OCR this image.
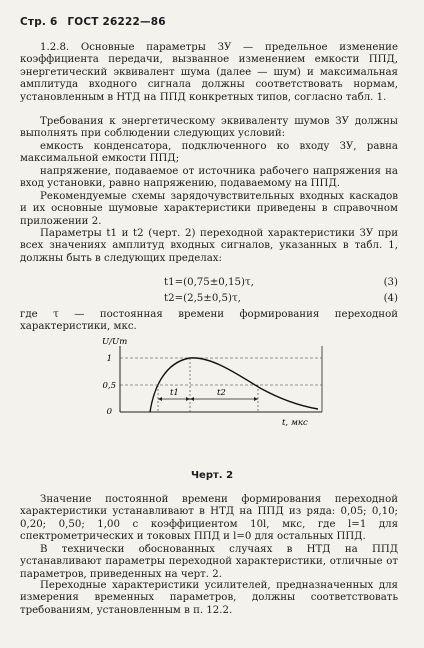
Стр. 6 ГОСТ 26222—86

1.2.8. Основные параметры ЗУ — предельное изменение коэффициента передачи, вызванное изменением емкости ППД, энергетический эквивалент шума (далее — шум) и максимальная амплитуда входного сигнала должны соответствовать нормам, установленным в НТД на ППД конкретных типов, согласно табл. 1.

Требования к энергетическому эквиваленту шумов ЗУ должны выполнять при соблюдении следующих условий:

емкость конденсатора, подключенного ко входу ЗУ, равна максимальной емкости ППД;

напряжение, подаваемое от источника рабочего напряжения на вход установки, равно напряжению, подаваемому на ППД.

Рекомендуемые схемы зарядочувствительных входных каскадов и их основные шумовые характеристики приведены в справочном приложении 2.

Параметры t1 и t2 (черт. 2) переходной характеристики ЗУ при всех значениях амплитуд входных сигналов, указанных в табл. 1, должны быть в следующих пределах:

t1=(0,75±0,15)τ,	(3)
t2=(2,5±0,5)τ,	(4)

где τ — постоянная времени формирования переходной характеристики, мкс.

U/Um
1
0,5
0
t1	t2
t, мкс
Черт. 2

Значение постоянной времени формирования переходной характеристики устанавливают в НТД на ППД из ряда: 0,05; 0,10; 0,20; 0,50; 1,00 с коэффициентом 10l, мкс, где l=1 для спектрометрических и токовых ППД и l=0 для остальных ППД.

В технически обоснованных случаях в НТД на ППД устанавливают параметры переходной характеристики, отличные от параметров, приведенных на черт. 2.

Переходные характеристики усилителей, предназначенных для измерения временных параметров, должны соответствовать требованиям, установленным в п. 12.2.
